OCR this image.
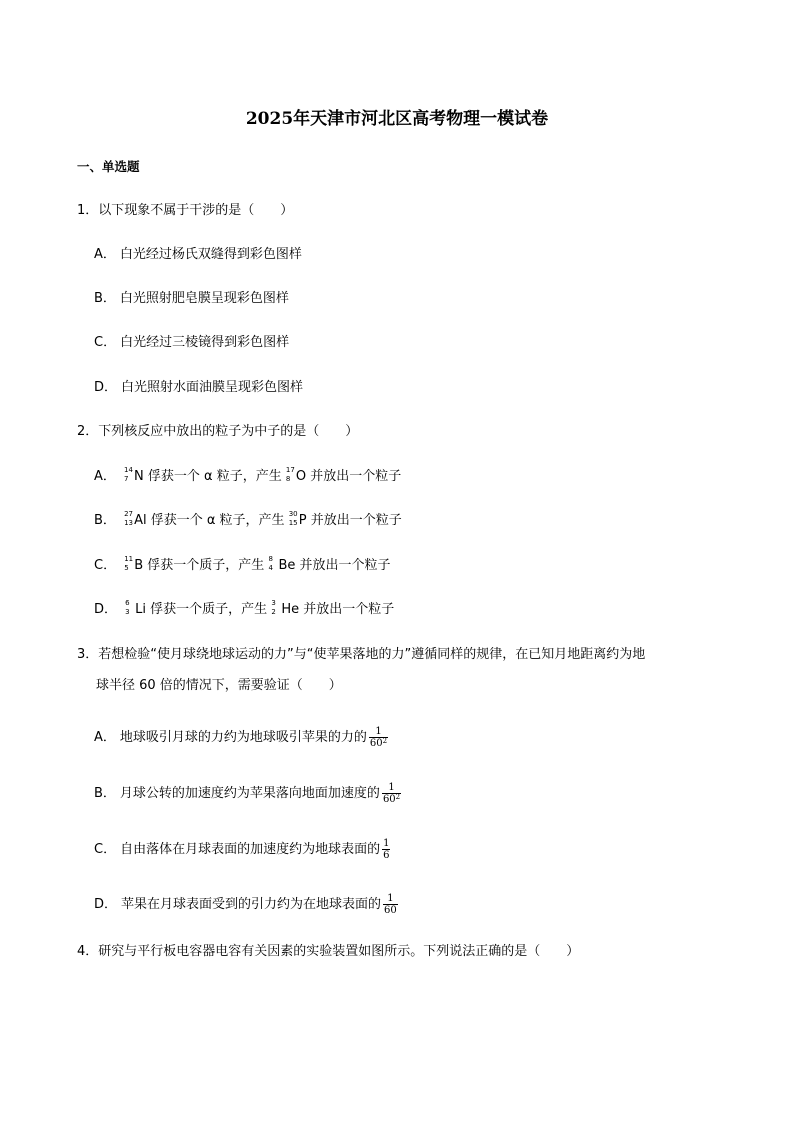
2025年天津市河北区高考物理一模试卷
一、单选题
1．以下现象不属于干涉的是（　　）
A． 白光经过杨氏双缝得到彩色图样
B． 白光照射肥皂膜呈现彩色图样
C． 白光经过三棱镜得到彩色图样
D． 白光照射水面油膜呈现彩色图样
2．下列核反应中放出的粒子为中子的是（　　）
A． 14
7 N 俘获一个 α 粒子，产生 17
8 O 并放出一个粒子
B． 27
13 Al 俘获一个 α 粒子，产生 30
15 P 并放出一个粒子
C． 11
5 B 俘获一个质子，产生 8
4 Be 并放出一个粒子
D． 6
3 Li 俘获一个质子，产生 3
2 He 并放出一个粒子
3．若想检验“使月球绕地球运动的力”与“使苹果落地的力”遵循同样的规律，在已知月地距离约为地
球半径 60 倍的情况下，需要验证（　　）
A． 地球吸引月球的力约为地球吸引苹果的力的 $\frac{1}{60^2}$
B． 月球公转的加速度约为苹果落向地面加速度的 $\frac{1}{60^2}$
C． 自由落体在月球表面的加速度约为地球表面的 $\frac{1}{6}$
D． 苹果在月球表面受到的引力约为在地球表面的 $\frac{1}{60}$
4．研究与平行板电容器电容有关因素的实验装置如图所示。下列说法正确的是（　　）
